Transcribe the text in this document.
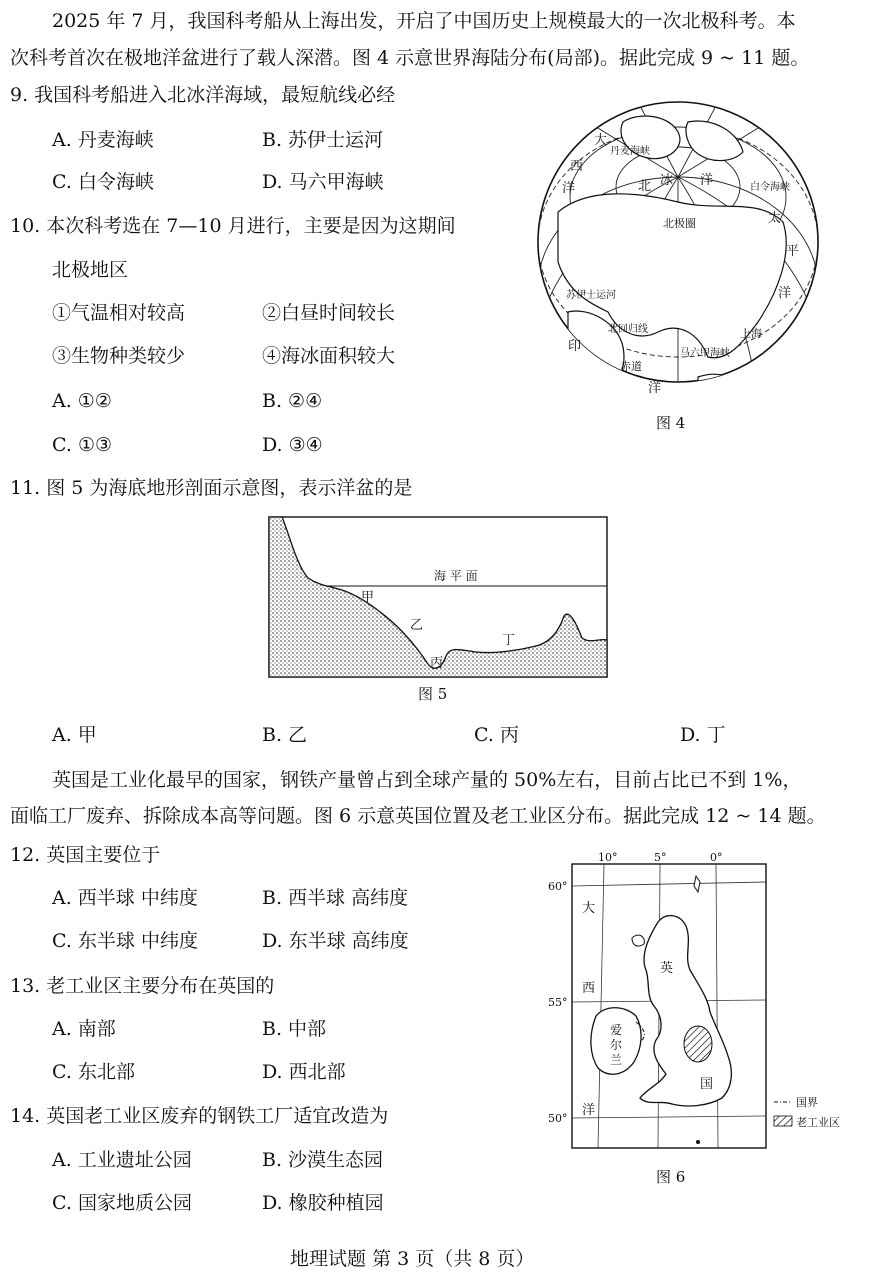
2025 年 7 月，我国科考船从上海出发，开启了中国历史上规模最大的一次北极科考。本
次科考首次在极地洋盆进行了载人深潜。图 4 示意世界海陆分布(局部)。据此完成 9 ~ 11 题。
9. 我国科考船进入北冰洋海域，最短航线必经
A. 丹麦海峡	B. 苏伊士运河
C. 白令海峡	D. 马六甲海峡
10. 本次科考选在 7—10 月进行，主要是因为这期间
北极地区
①气温相对较高	②白昼时间较长
③生物种类较少	④海冰面积较大
A. ①②	B. ②④
C. ①③	D. ③④
大
西
洋
丹麦海峡
北 冰 洋
北极圈
白令海峡
太
平
洋
苏伊士运河
上海
北回归线
印
赤道
马六甲海峡
洋
图 4
11. 图 5 为海底地形剖面示意图，表示洋盆的是
海 平 面
甲
乙
丙
丁
图 5
A. 甲	B. 乙	C. 丙	D. 丁
英国是工业化最早的国家，钢铁产量曾占到全球产量的 50%左右，目前占比已不到 1%，
面临工厂废弃、拆除成本高等问题。图 6 示意英国位置及老工业区分布。据此完成 12 ~ 14 题。
12. 英国主要位于
A. 西半球 中纬度	B. 西半球 高纬度
C. 东半球 中纬度	D. 东半球 高纬度
13. 老工业区主要分布在英国的
A. 南部	B. 中部
C. 东北部	D. 西北部
14. 英国老工业区废弃的钢铁工厂适宜改造为
A. 工业遗址公园	B. 沙漠生态园
C. 国家地质公园	D. 橡胶种植园
10°	5°	0°
60°
55°
50°
大
西
洋
英
国
爱
尔
兰
国界
老工业区
图 6
地理试题 第 3 页（共 8 页）
